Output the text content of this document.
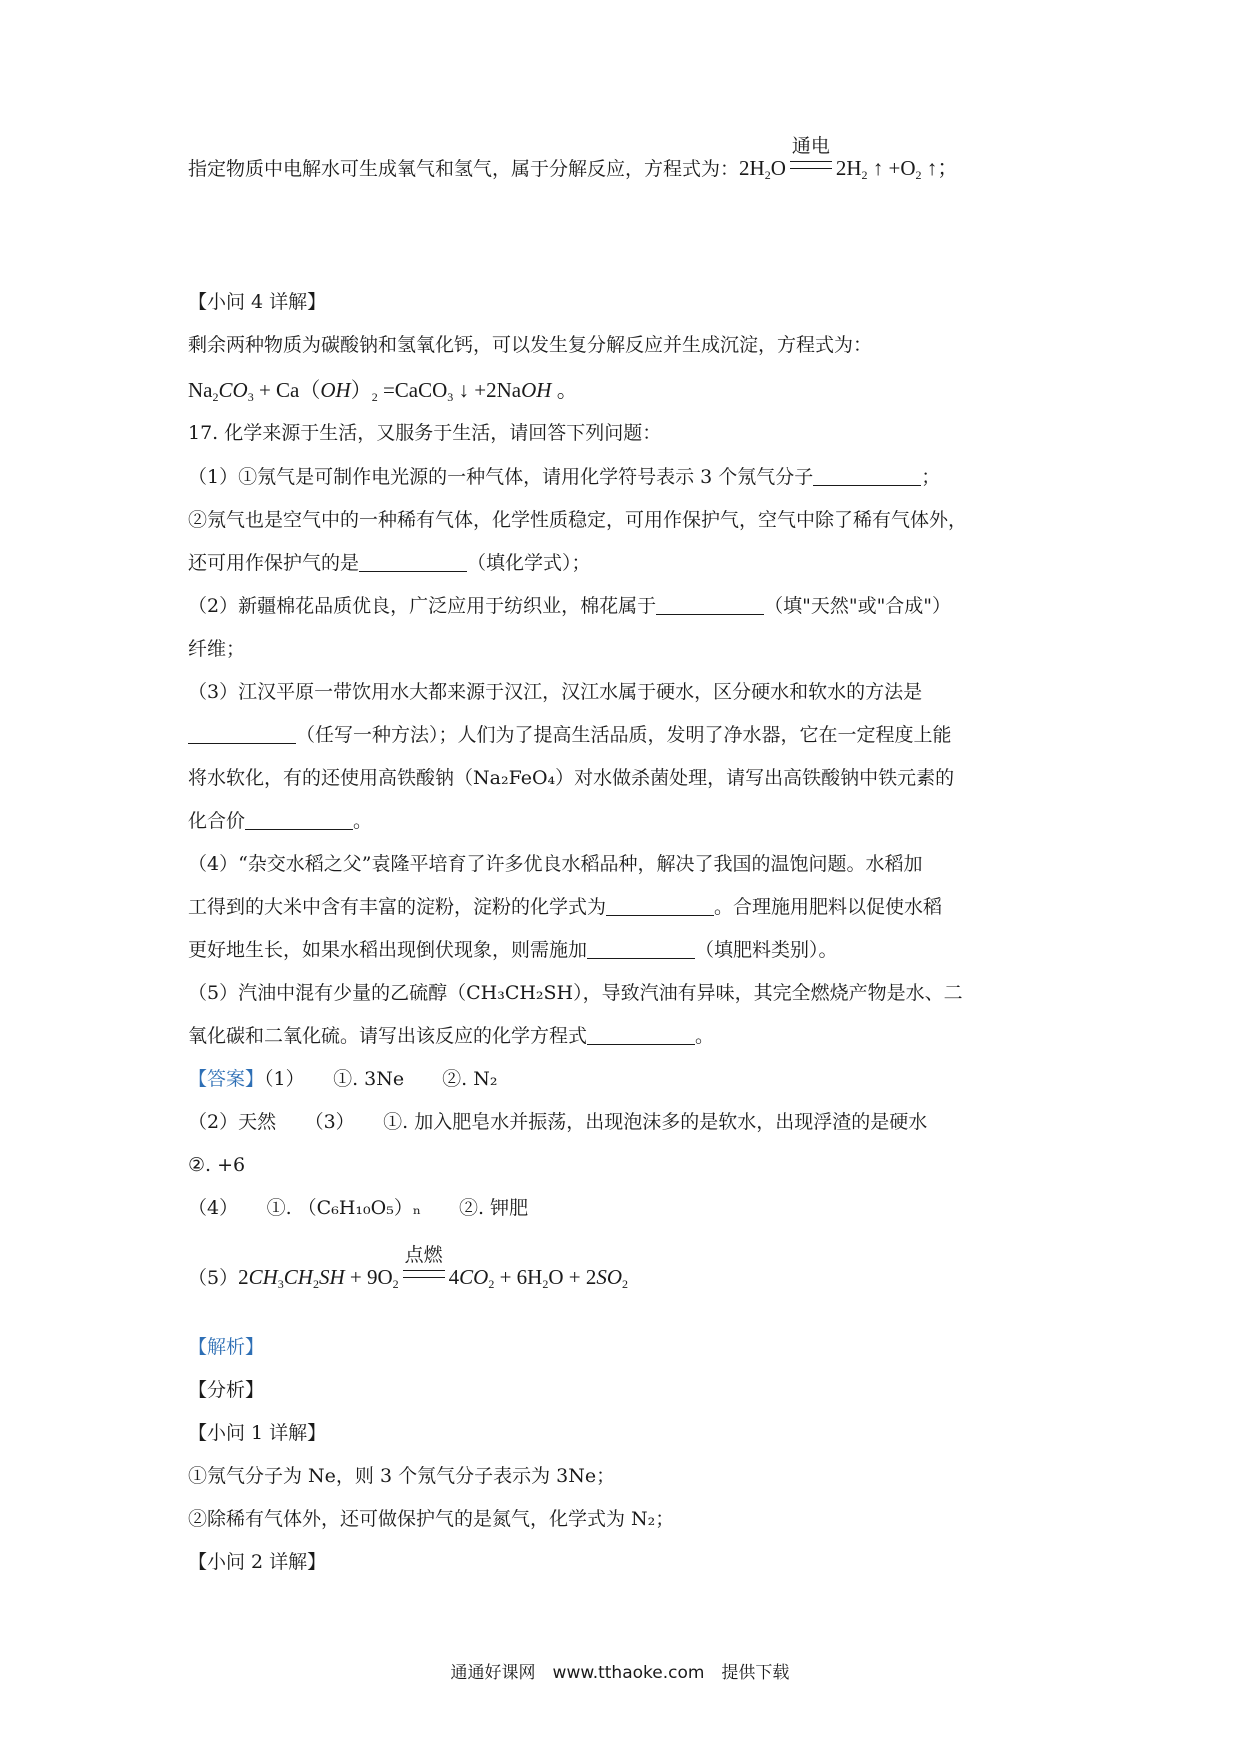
指定物质中电解水可生成氧气和氢气，属于分解反应，方程式为：$2H_2O$
通电
$2H_2$ ↑ $+O_2$ ↑；
【小问 4 详解】
剩余两种物质为碳酸钠和氢氧化钙，可以发生复分解反应并生成沉淀，方程式为：
$Na_2CO_3 + Ca(OH)_2$ =CaCO$_3$ ↓ +2NaOH 。
17. 化学来源于生活，又服务于生活，请回答下列问题：
（1）①氖气是可制作电光源的一种气体，请用化学符号表示 3 个氖气分子	；
②氖气也是空气中的一种稀有气体，化学性质稳定，可用作保护气，空气中除了稀有气体外，
还可用作保护气的是	（填化学式）；
（2）新疆棉花品质优良，广泛应用于纺织业，棉花属于	（填"天然"或"合成"）
纤维；
（3）江汉平原一带饮用水大都来源于汉江，汉江水属于硬水，区分硬水和软水的方法是
（任写一种方法）；人们为了提高生活品质，发明了净水器，它在一定程度上能
将水软化，有的还使用高铁酸钠（Na₂FeO₄）对水做杀菌处理，请写出高铁酸钠中铁元素的
化合价	。
（4）“杂交水稻之父”袁隆平培育了许多优良水稻品种，解决了我国的温饱问题。水稻加
工得到的大米中含有丰富的淀粉，淀粉的化学式为	。合理施用肥料以促使水稻
更好地生长，如果水稻出现倒伏现象，则需施加	（填肥料类别）。
（5）汽油中混有少量的乙硫醇（CH₃CH₂SH），导致汽油有异味，其完全燃烧产物是水、二
氧化碳和二氧化硫。请写出该反应的化学方程式	。
【答案】（1）　　①. 3Ne　　②. N₂
（2）天然　　（3）　　①. 加入肥皂水并振荡，出现泡沫多的是软水，出现浮渣的是硬水
②. +6
（4）　　①. （C₆H₁₀O₅）ₙ　　②. 钾肥
$(5)2CH_3CH_2SH + 9O_2$
点燃
$4CO_2 + 6H_2O + 2SO_2$
【解析】
【分析】
【小问 1 详解】
①氖气分子为 Ne，则 3 个氖气分子表示为 3Ne；
②除稀有气体外，还可做保护气的是氮气，化学式为 N₂；
【小问 2 详解】
通通好课网　www.tthaoke.com　提供下载
